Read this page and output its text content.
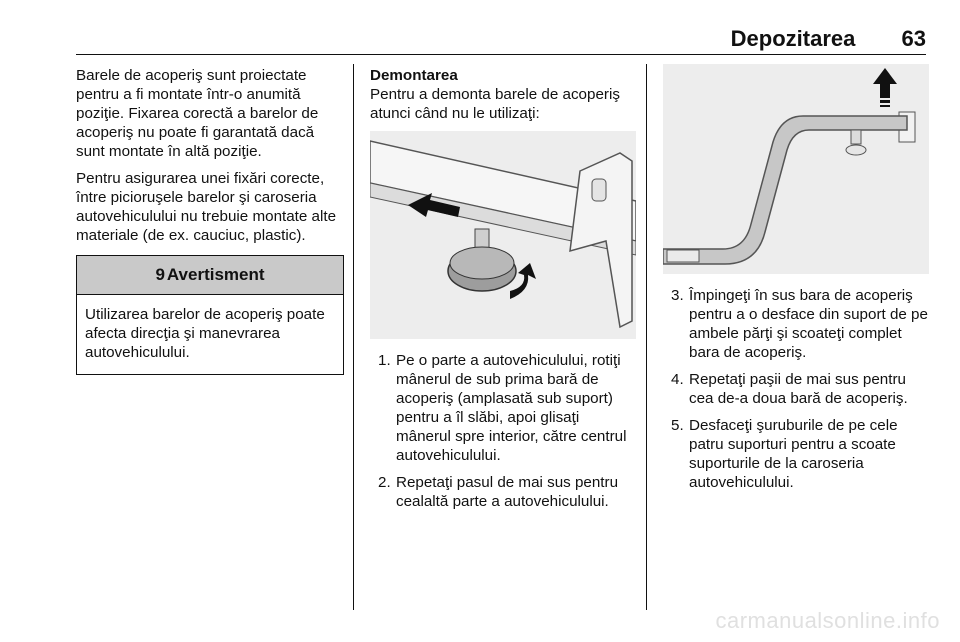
Depozitarea 63

Barele de acoperiş sunt proiectate pentru a fi montate într-o anumită poziţie. Fixarea corectă a barelor de acoperiş nu poate fi garantată dacă sunt montate în altă poziţie.

Pentru asigurarea unei fixări corecte, între picioruşele barelor şi caroseria autovehiculului nu trebuie montate alte materiale (de ex. cauciuc, plastic).

9 Avertisment
Utilizarea barelor de acoperiş poate afecta direcţia şi manevrarea autovehiculului.
Demontarea

Pentru a demonta barele de acoperiş atunci când nu le utilizaţi:

1. Pe o parte a autovehiculului, rotiţi mânerul de sub prima bară de acoperiş (amplasată sub suport) pentru a îl slăbi, apoi glisaţi mânerul spre interior, către centrul autovehiculului.
2. Repetaţi pasul de mai sus pentru cealaltă parte a autovehiculului.
3. Împingeţi în sus bara de acoperiş pentru a o desface din suport de pe ambele părţi şi scoateţi complet bara de acoperiş.
4. Repetaţi paşii de mai sus pentru cea de-a doua bară de acoperiş.
5. Desfaceţi şuruburile de pe cele patru suporturi pentru a scoate suporturile de la caroseria autovehiculului.
carmanualsonline.info
